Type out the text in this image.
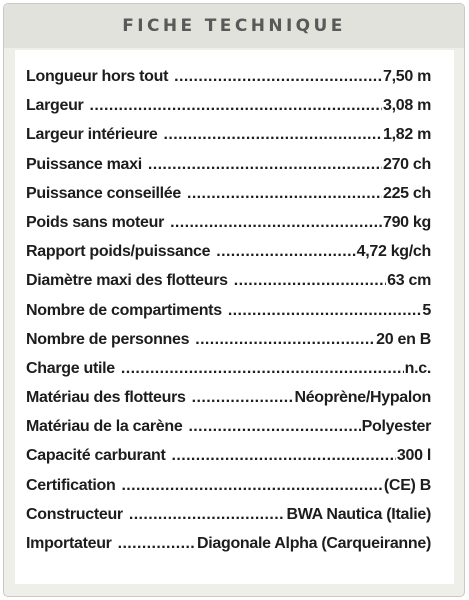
FICHE TECHNIQUE
Longueur hors tout .....	7,50 m
Largeur .....	3,08 m
Largeur intérieure .....	1,82 m
Puissance maxi .....	270 ch
Puissance conseillée .....	225 ch
Poids sans moteur .....	790 kg
Rapport poids/puissance .....	4,72 kg/ch
Diamètre maxi des flotteurs .....	63 cm
Nombre de compartiments .....	5
Nombre de personnes .....	20 en B
Charge utile .....	n.c.
Matériau des flotteurs .....	Néoprène/Hypalon
Matériau de la carène .....	Polyester
Capacité carburant .....	300 l
Certification .....	(CE) B
Constructeur .....	BWA Nautica (Italie)
Importateur .....	Diagonale Alpha (Carqueiranne)
